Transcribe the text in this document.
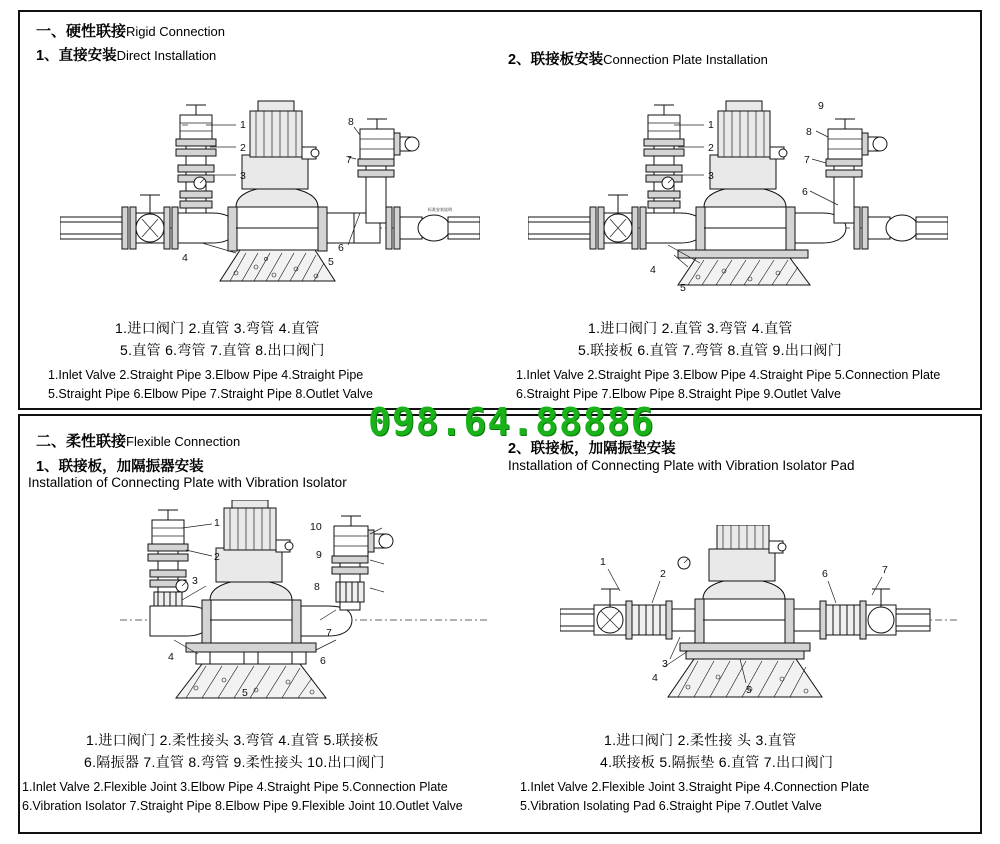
一、硬性联接Rigid Connection
1、直接安装Direct Installation	2、联接板安装Connection Plate Installation
标准安装说明
1
2
3
4	5
8
7
6
1
2
3
4
5
6
7
8
9
1.进口阀门 2.直管 3.弯管 4.直管
5.直管 6.弯管 7.直管 8.出口阀门
1.Inlet Valve 2.Straight Pipe 3.Elbow Pipe 4.Straight Pipe
5.Straight Pipe 6.Elbow Pipe 7.Straight Pipe 8.Outlet Valve
1.进口阀门 2.直管 3.弯管 4.直管
5.联接板 6.直管 7.弯管 8.直管 9.出口阀门
1.Inlet Valve 2.Straight Pipe 3.Elbow Pipe 4.Straight Pipe 5.Connection Plate
6.Straight Pipe 7.Elbow Pipe 8.Straight Pipe 9.Outlet Valve
二、柔性联接Flexible Connection
1、联接板，加隔振器安装
Installation of Connecting Plate with Vibration Isolator
2、联接板，加隔振垫安装
Installation of Connecting Plate with Vibration Isolator Pad
1
2
3
4
5
6
7
8
9
10
1
2
3
4
5
6	7
1.进口阀门 2.柔性接头 3.弯管 4.直管 5.联接板
6.隔振器 7.直管 8.弯管 9.柔性接头 10.出口阀门
1.Inlet Valve 2.Flexible Joint 3.Elbow Pipe 4.Straight Pipe 5.Connection Plate
6.Vibration Isolator 7.Straight Pipe 8.Elbow Pipe 9.Flexible Joint 10.Outlet Valve
1.进口阀门 2.柔性接 头 3.直管
4.联接板 5.隔振垫 6.直管 7.出口阀门
1.Inlet Valve 2.Flexible Joint 3.Straight Pipe 4.Connection Plate
5.Vibration Isolating Pad 6.Straight Pipe 7.Outlet Valve
098.64.88886
